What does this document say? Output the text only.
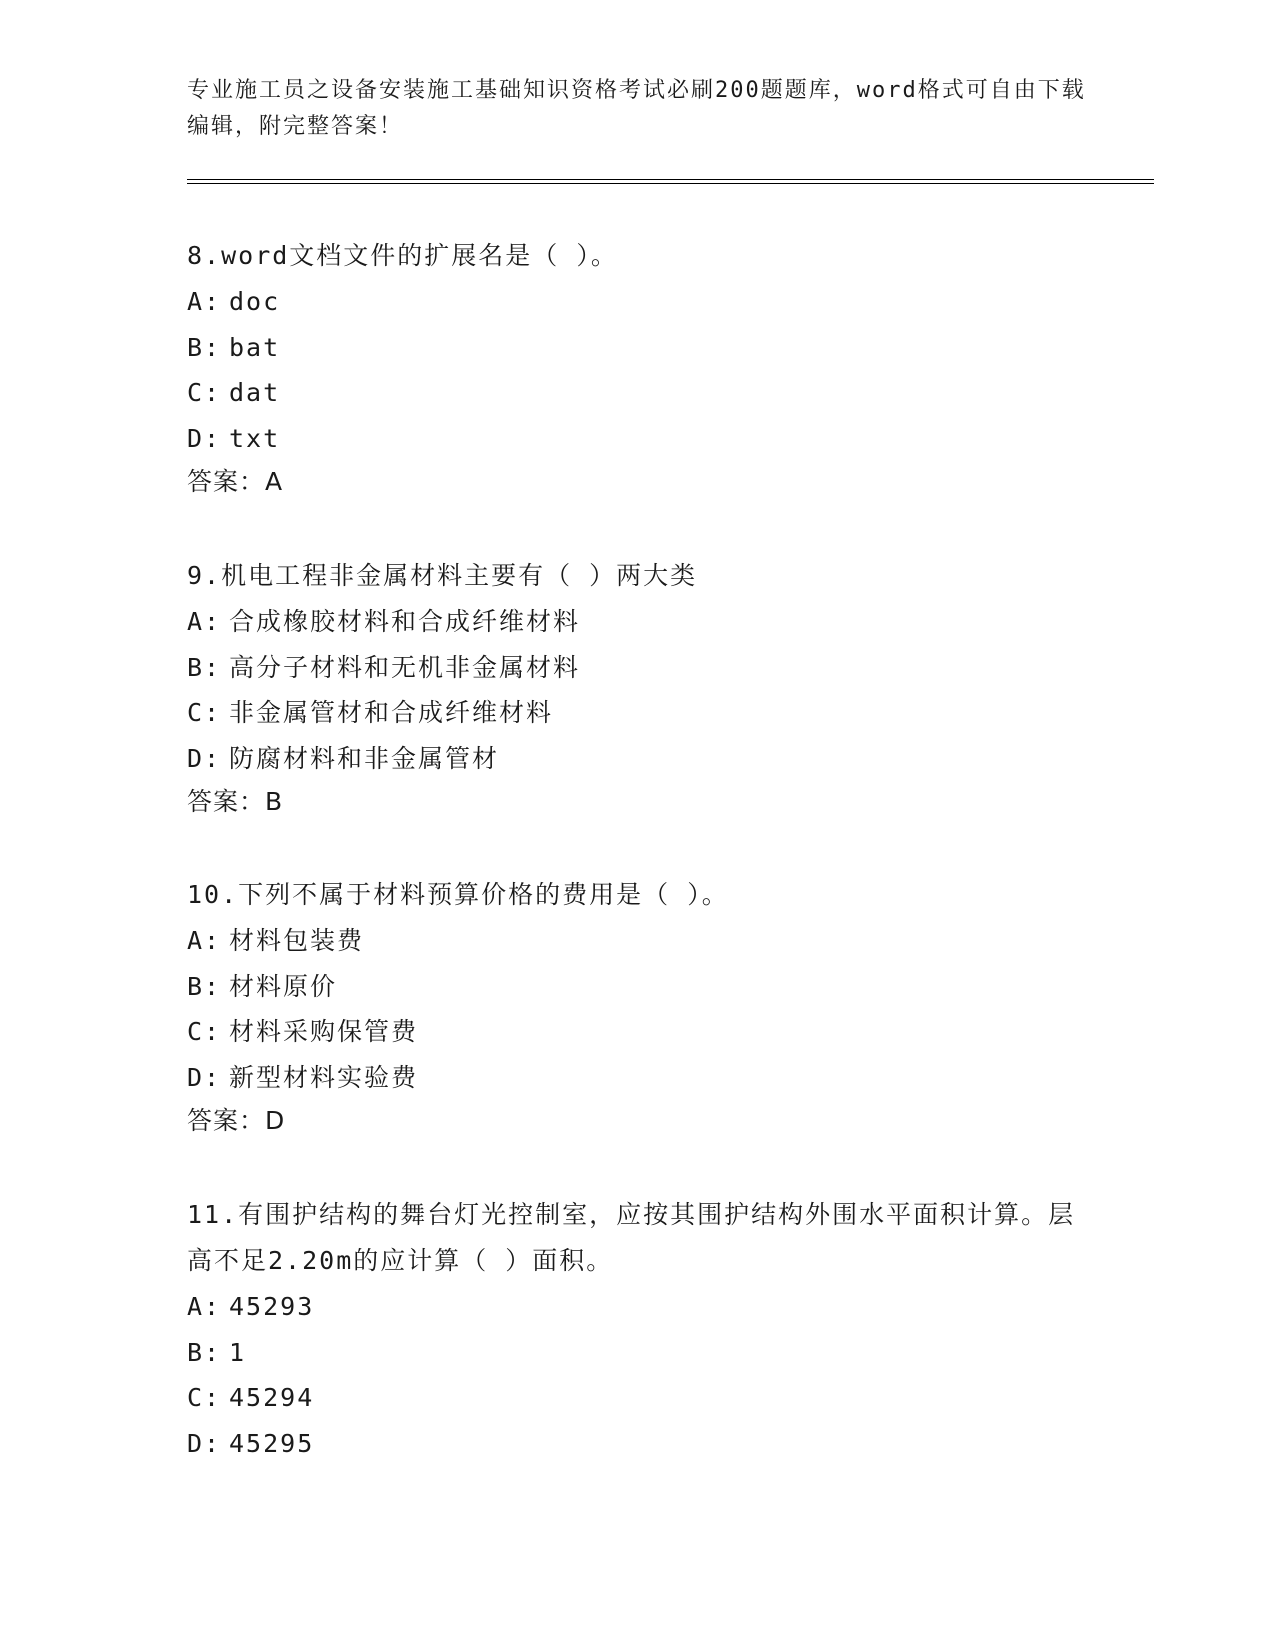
专业施工员之设备安装施工基础知识资格考试必刷200题题库，word格式可自由下载编辑，附完整答案！
8.word文档文件的扩展名是（ ）。
A: doc
B: bat
C: dat
D: txt
答案：A
9.机电工程非金属材料主要有（ ）两大类
A: 合成橡胶材料和合成纤维材料
B: 高分子材料和无机非金属材料
C: 非金属管材和合成纤维材料
D: 防腐材料和非金属管材
答案：B
10.下列不属于材料预算价格的费用是（ ）。
A: 材料包装费
B: 材料原价
C: 材料采购保管费
D: 新型材料实验费
答案：D
11.有围护结构的舞台灯光控制室，应按其围护结构外围水平面积计算。层高不足2.20m的应计算（ ）面积。
A: 45293
B: 1
C: 45294
D: 45295
